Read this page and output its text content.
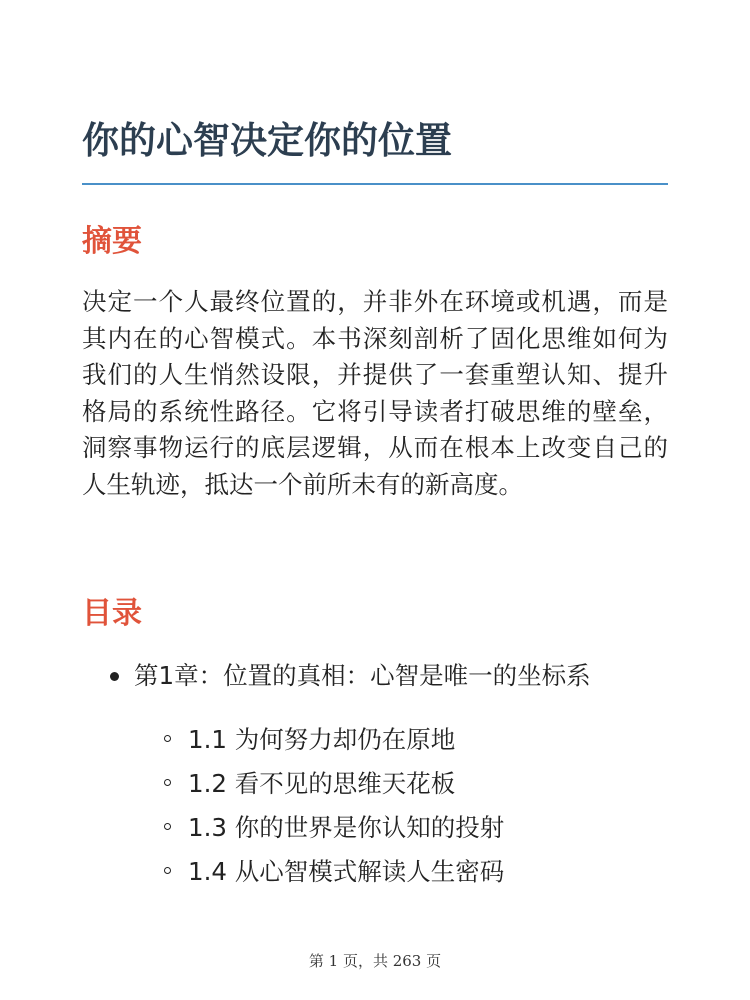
你的心智决定你的位置
摘要

决定一个人最终位置的，并非外在环境或机遇，而是其内在的心智模式。本书深刻剖析了固化思维如何为我们的人生悄然设限，并提供了一套重塑认知、提升格局的系统性路径。它将引导读者打破思维的壁垒，洞察事物运行的底层逻辑，从而在根本上改变自己的人生轨迹，抵达一个前所未有的新高度。

目录
第1章：位置的真相：心智是唯一的坐标系
1.1 为何努力却仍在原地
1.2 看不见的思维天花板
1.3 你的世界是你认知的投射
1.4 从心智模式解读人生密码
第 1 页，共 263 页
